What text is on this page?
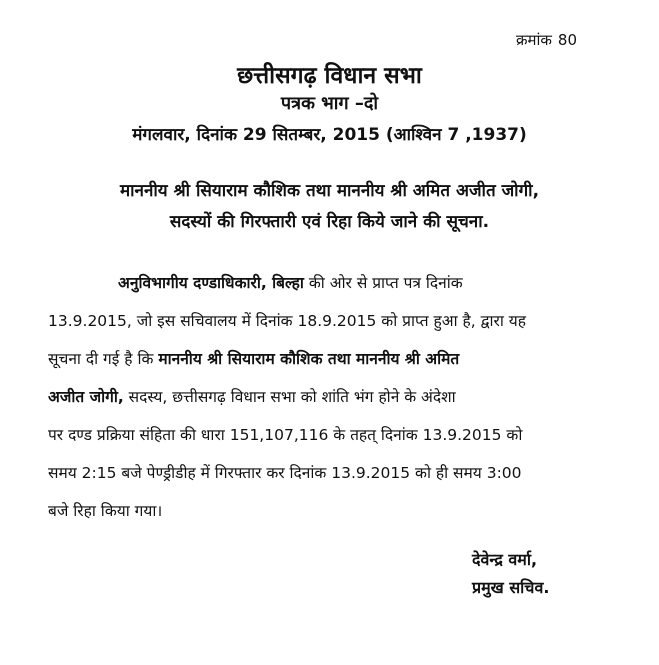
क्रमांक 80
छत्तीसगढ़ विधान सभा
पत्रक भाग –दो
मंगलवार, दिनांक 29 सितम्बर, 2015 (आश्विन 7 ,1937)
माननीय श्री सियाराम कौशिक तथा माननीय श्री अमित अजीत जोगी,
सदस्यों की गिरफ्तारी एवं रिहा किये जाने की सूचना.
अनुविभागीय दण्डाधिकारी, बिल्हा की ओर से प्राप्त पत्र दिनांक
13.9.2015, जो इस सचिवालय में दिनांक 18.9.2015 को प्राप्त हुआ है, द्वारा यह
सूचना दी गई है कि माननीय श्री सियाराम कौशिक तथा माननीय श्री अमित
अजीत जोगी, सदस्य, छत्तीसगढ़ विधान सभा को शांति भंग होने के अंदेशा
पर दण्ड प्रक्रिया संहिता की धारा 151,107,116 के तहत् दिनांक 13.9.2015 को
समय 2:15 बजे पेण्ड्रीडीह में गिरफ्तार कर दिनांक 13.9.2015 को ही समय 3:00
बजे रिहा किया गया।
देवेन्द्र वर्मा,
प्रमुख सचिव.
